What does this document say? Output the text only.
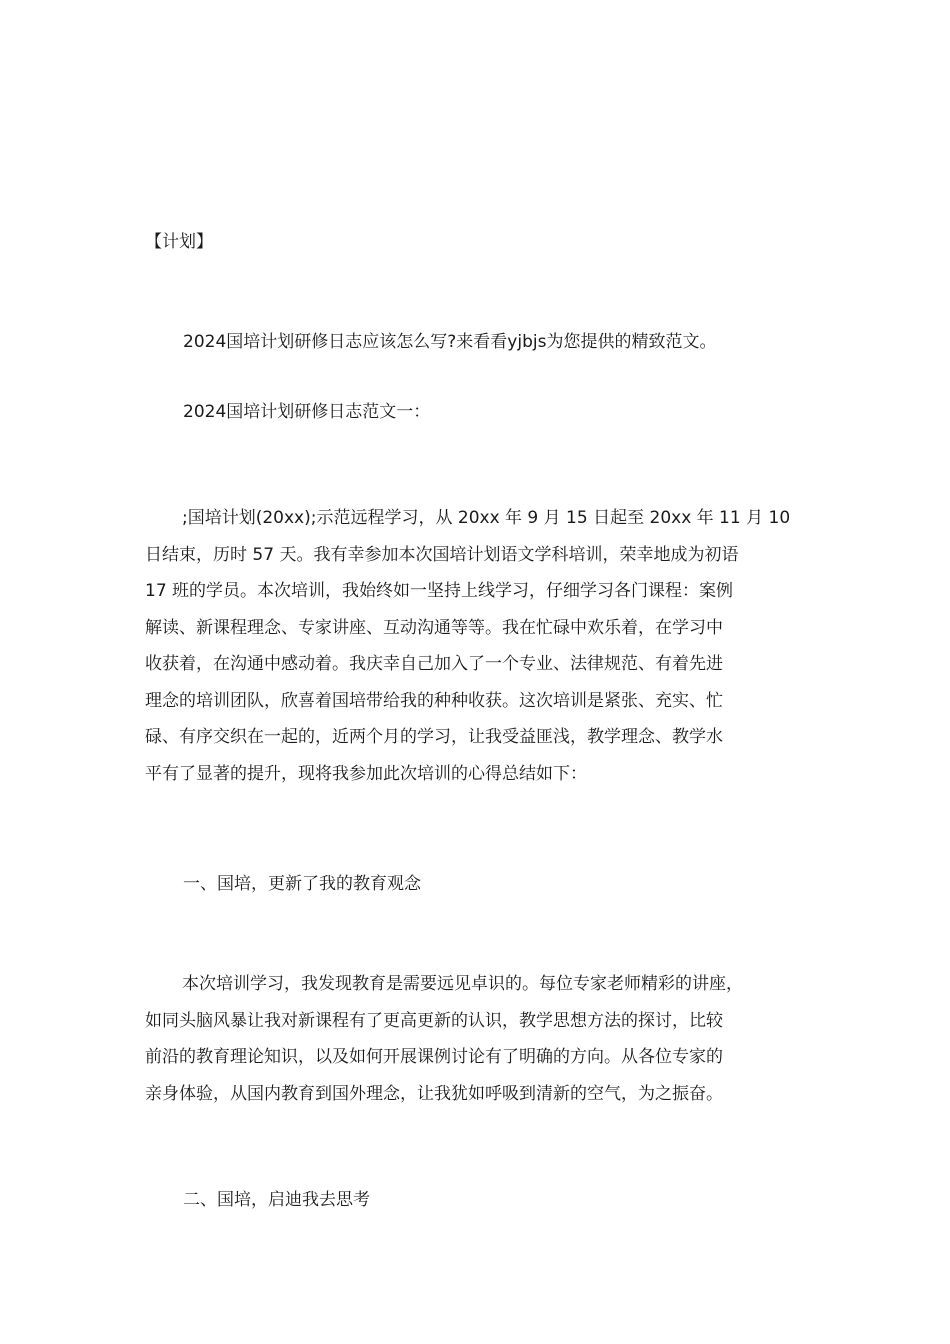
【计划】

2024国培计划研修日志应该怎么写?来看看yjbjs为您提供的精致范文。

2024国培计划研修日志范文一：

;国培计划(20xx);示范远程学习，从 20xx 年 9 月 15 日起至 20xx 年 11 月 10
日结束，历时 57 天。我有幸参加本次国培计划语文学科培训，荣幸地成为初语
17 班的学员。本次培训，我始终如一坚持上线学习，仔细学习各门课程：案例
解读、新课程理念、专家讲座、互动沟通等等。我在忙碌中欢乐着，在学习中
收获着，在沟通中感动着。我庆幸自己加入了一个专业、法律规范、有着先进
理念的培训团队，欣喜着国培带给我的种种收获。这次培训是紧张、充实、忙
碌、有序交织在一起的，近两个月的学习，让我受益匪浅，教学理念、教学水
平有了显著的提升，现将我参加此次培训的心得总结如下：

一、国培，更新了我的教育观念

本次培训学习，我发现教育是需要远见卓识的。每位专家老师精彩的讲座，
如同头脑风暴让我对新课程有了更高更新的认识，教学思想方法的探讨，比较
前沿的教育理论知识，以及如何开展课例讨论有了明确的方向。从各位专家的
亲身体验，从国内教育到国外理念，让我犹如呼吸到清新的空气，为之振奋。

二、国培，启迪我去思考
